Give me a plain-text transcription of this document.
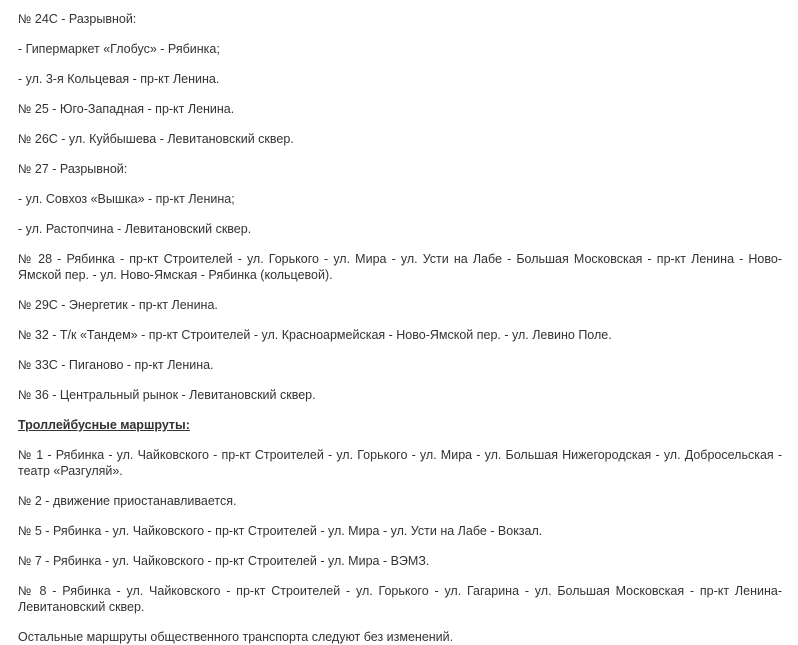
№ 24С - Разрывной:

- Гипермаркет «Глобус» - Рябинка;

- ул. 3-я Кольцевая - пр-кт Ленина.

№ 25 - Юго-Западная - пр-кт Ленина.

№ 26С - ул. Куйбышева - Левитановский сквер.

№ 27 - Разрывной:

- ул. Совхоз «Вышка» - пр-кт Ленина;

- ул. Растопчина - Левитановский сквер.

№ 28 - Рябинка - пр-кт Строителей - ул. Горького - ул. Мира - ул. Усти на Лабе - Большая Московская - пр-кт Ленина - Ново-Ямской пер. - ул. Ново-Ямская - Рябинка (кольцевой).

№ 29С - Энергетик - пр-кт Ленина.

№ 32 - Т/к «Тандем» - пр-кт Строителей - ул. Красноармейская - Ново-Ямской пер. - ул. Левино Поле.

№ 33С - Пиганово - пр-кт Ленина.

№ 36 - Центральный рынок - Левитановский сквер.

Троллейбусные маршруты:

№ 1 - Рябинка - ул. Чайковского - пр-кт Строителей - ул. Горького - ул. Мира - ул. Большая Нижегородская - ул. Добросельская - театр «Разгуляй».

№ 2 - движение приостанавливается.

№ 5 - Рябинка - ул. Чайковского - пр-кт Строителей - ул. Мира - ул. Усти на Лабе - Вокзал.

№ 7 - Рябинка - ул. Чайковского - пр-кт Строителей - ул. Мира - ВЭМЗ.

№ 8 - Рябинка - ул. Чайковского - пр-кт Строителей - ул. Горького - ул. Гагарина - ул. Большая Московская - пр-кт Ленина- Левитановский сквер.

Остальные маршруты общественного транспорта следуют без изменений.
